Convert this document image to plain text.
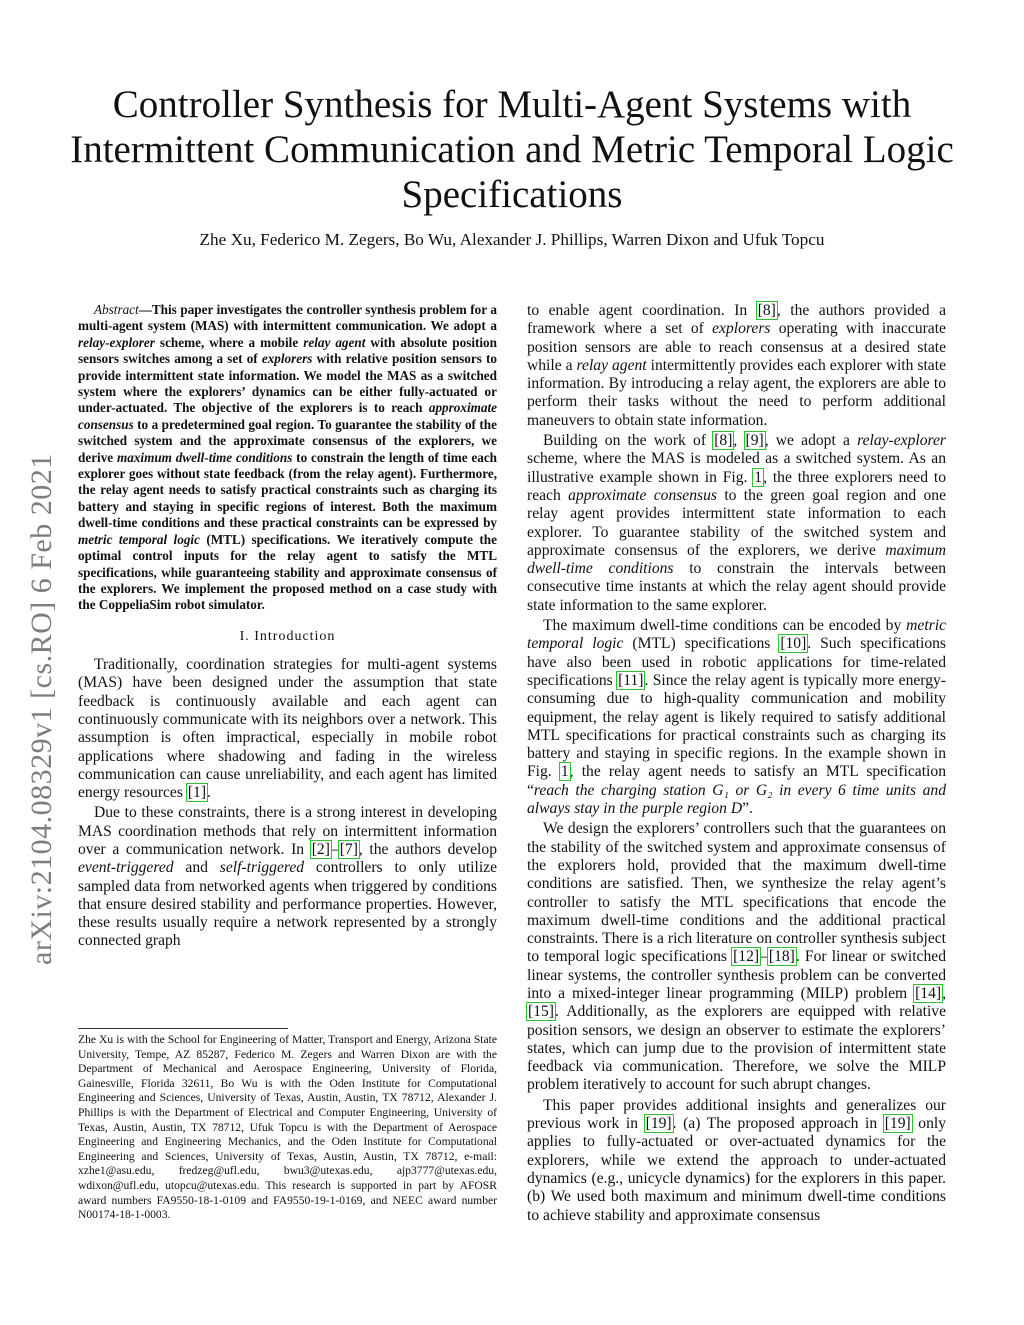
Controller Synthesis for Multi-Agent Systems with Intermittent Communication and Metric Temporal Logic Specifications
Zhe Xu, Federico M. Zegers, Bo Wu, Alexander J. Phillips, Warren Dixon and Ufuk Topcu
arXiv:2104.08329v1 [cs.RO] 6 Feb 2021

Abstract—This paper investigates the controller synthesis problem for a multi-agent system (MAS) with intermittent communication. We adopt a relay-explorer scheme, where a mobile relay agent with absolute position sensors switches among a set of explorers with relative position sensors to provide intermittent state information. We model the MAS as a switched system where the explorers’ dynamics can be either fully-actuated or under-actuated. The objective of the explorers is to reach approximate consensus to a predetermined goal region. To guarantee the stability of the switched system and the approximate consensus of the explorers, we derive maximum dwell-time conditions to constrain the length of time each explorer goes without state feedback (from the relay agent). Furthermore, the relay agent needs to satisfy practical constraints such as charging its battery and staying in specific regions of interest. Both the maximum dwell-time conditions and these practical constraints can be expressed by metric temporal logic (MTL) specifications. We iteratively compute the optimal control inputs for the relay agent to satisfy the MTL specifications, while guaranteeing stability and approximate consensus of the explorers. We implement the proposed method on a case study with the CoppeliaSim robot simulator.

I. Introduction

Traditionally, coordination strategies for multi-agent systems (MAS) have been designed under the assumption that state feedback is continuously available and each agent can continuously communicate with its neighbors over a network. This assumption is often impractical, especially in mobile robot applications where shadowing and fading in the wireless communication can cause unreliability, and each agent has limited energy resources [1].

Due to these constraints, there is a strong interest in developing MAS coordination methods that rely on intermittent information over a communication network. In [2]–[7], the authors develop event-triggered and self-triggered controllers to only utilize sampled data from networked agents when triggered by conditions that ensure desired stability and performance properties. However, these results usually require a network represented by a strongly connected graph

Zhe Xu is with the School for Engineering of Matter, Transport and Energy, Arizona State University, Tempe, AZ 85287, Federico M. Zegers and Warren Dixon are with the Department of Mechanical and Aerospace Engineering, University of Florida, Gainesville, Florida 32611, Bo Wu is with the Oden Institute for Computational Engineering and Sciences, University of Texas, Austin, Austin, TX 78712, Alexander J. Phillips is with the Department of Electrical and Computer Engineering, University of Texas, Austin, Austin, TX 78712, Ufuk Topcu is with the Department of Aerospace Engineering and Engineering Mechanics, and the Oden Institute for Computational Engineering and Sciences, University of Texas, Austin, Austin, TX 78712, e-mail: xzhe1@asu.edu, fredzeg@ufl.edu, bwu3@utexas.edu, ajp3777@utexas.edu, wdixon@ufl.edu, utopcu@utexas.edu. This research is supported in part by AFOSR award numbers FA9550-18-1-0109 and FA9550-19-1-0169, and NEEC award number N00174-18-1-0003.

to enable agent coordination. In [8], the authors provided a framework where a set of explorers operating with inaccurate position sensors are able to reach consensus at a desired state while a relay agent intermittently provides each explorer with state information. By introducing a relay agent, the explorers are able to perform their tasks without the need to perform additional maneuvers to obtain state information.

Building on the work of [8], [9], we adopt a relay-explorer scheme, where the MAS is modeled as a switched system. As an illustrative example shown in Fig. 1, the three explorers need to reach approximate consensus to the green goal region and one relay agent provides intermittent state information to each explorer. To guarantee stability of the switched system and approximate consensus of the explorers, we derive maximum dwell-time conditions to constrain the intervals between consecutive time instants at which the relay agent should provide state information to the same explorer.

The maximum dwell-time conditions can be encoded by metric temporal logic (MTL) specifications [10]. Such specifications have also been used in robotic applications for time-related specifications [11]. Since the relay agent is typically more energy-consuming due to high-quality communication and mobility equipment, the relay agent is likely required to satisfy additional MTL specifications for practical constraints such as charging its battery and staying in specific regions. In the example shown in Fig. 1, the relay agent needs to satisfy an MTL specification “reach the charging station G₁ or G₂ in every 6 time units and always stay in the purple region D”.

We design the explorers’ controllers such that the guarantees on the stability of the switched system and approximate consensus of the explorers hold, provided that the maximum dwell-time conditions are satisfied. Then, we synthesize the relay agent’s controller to satisfy the MTL specifications that encode the maximum dwell-time conditions and the additional practical constraints. There is a rich literature on controller synthesis subject to temporal logic specifications [12]–[18]. For linear or switched linear systems, the controller synthesis problem can be converted into a mixed-integer linear programming (MILP) problem [14], [15]. Additionally, as the explorers are equipped with relative position sensors, we design an observer to estimate the explorers’ states, which can jump due to the provision of intermittent state feedback via communication. Therefore, we solve the MILP problem iteratively to account for such abrupt changes.

This paper provides additional insights and generalizes our previous work in [19]. (a) The proposed approach in [19] only applies to fully-actuated or over-actuated dynamics for the explorers, while we extend the approach to under-actuated dynamics (e.g., unicycle dynamics) for the explorers in this paper. (b) We used both maximum and minimum dwell-time conditions to achieve stability and approximate consensus
